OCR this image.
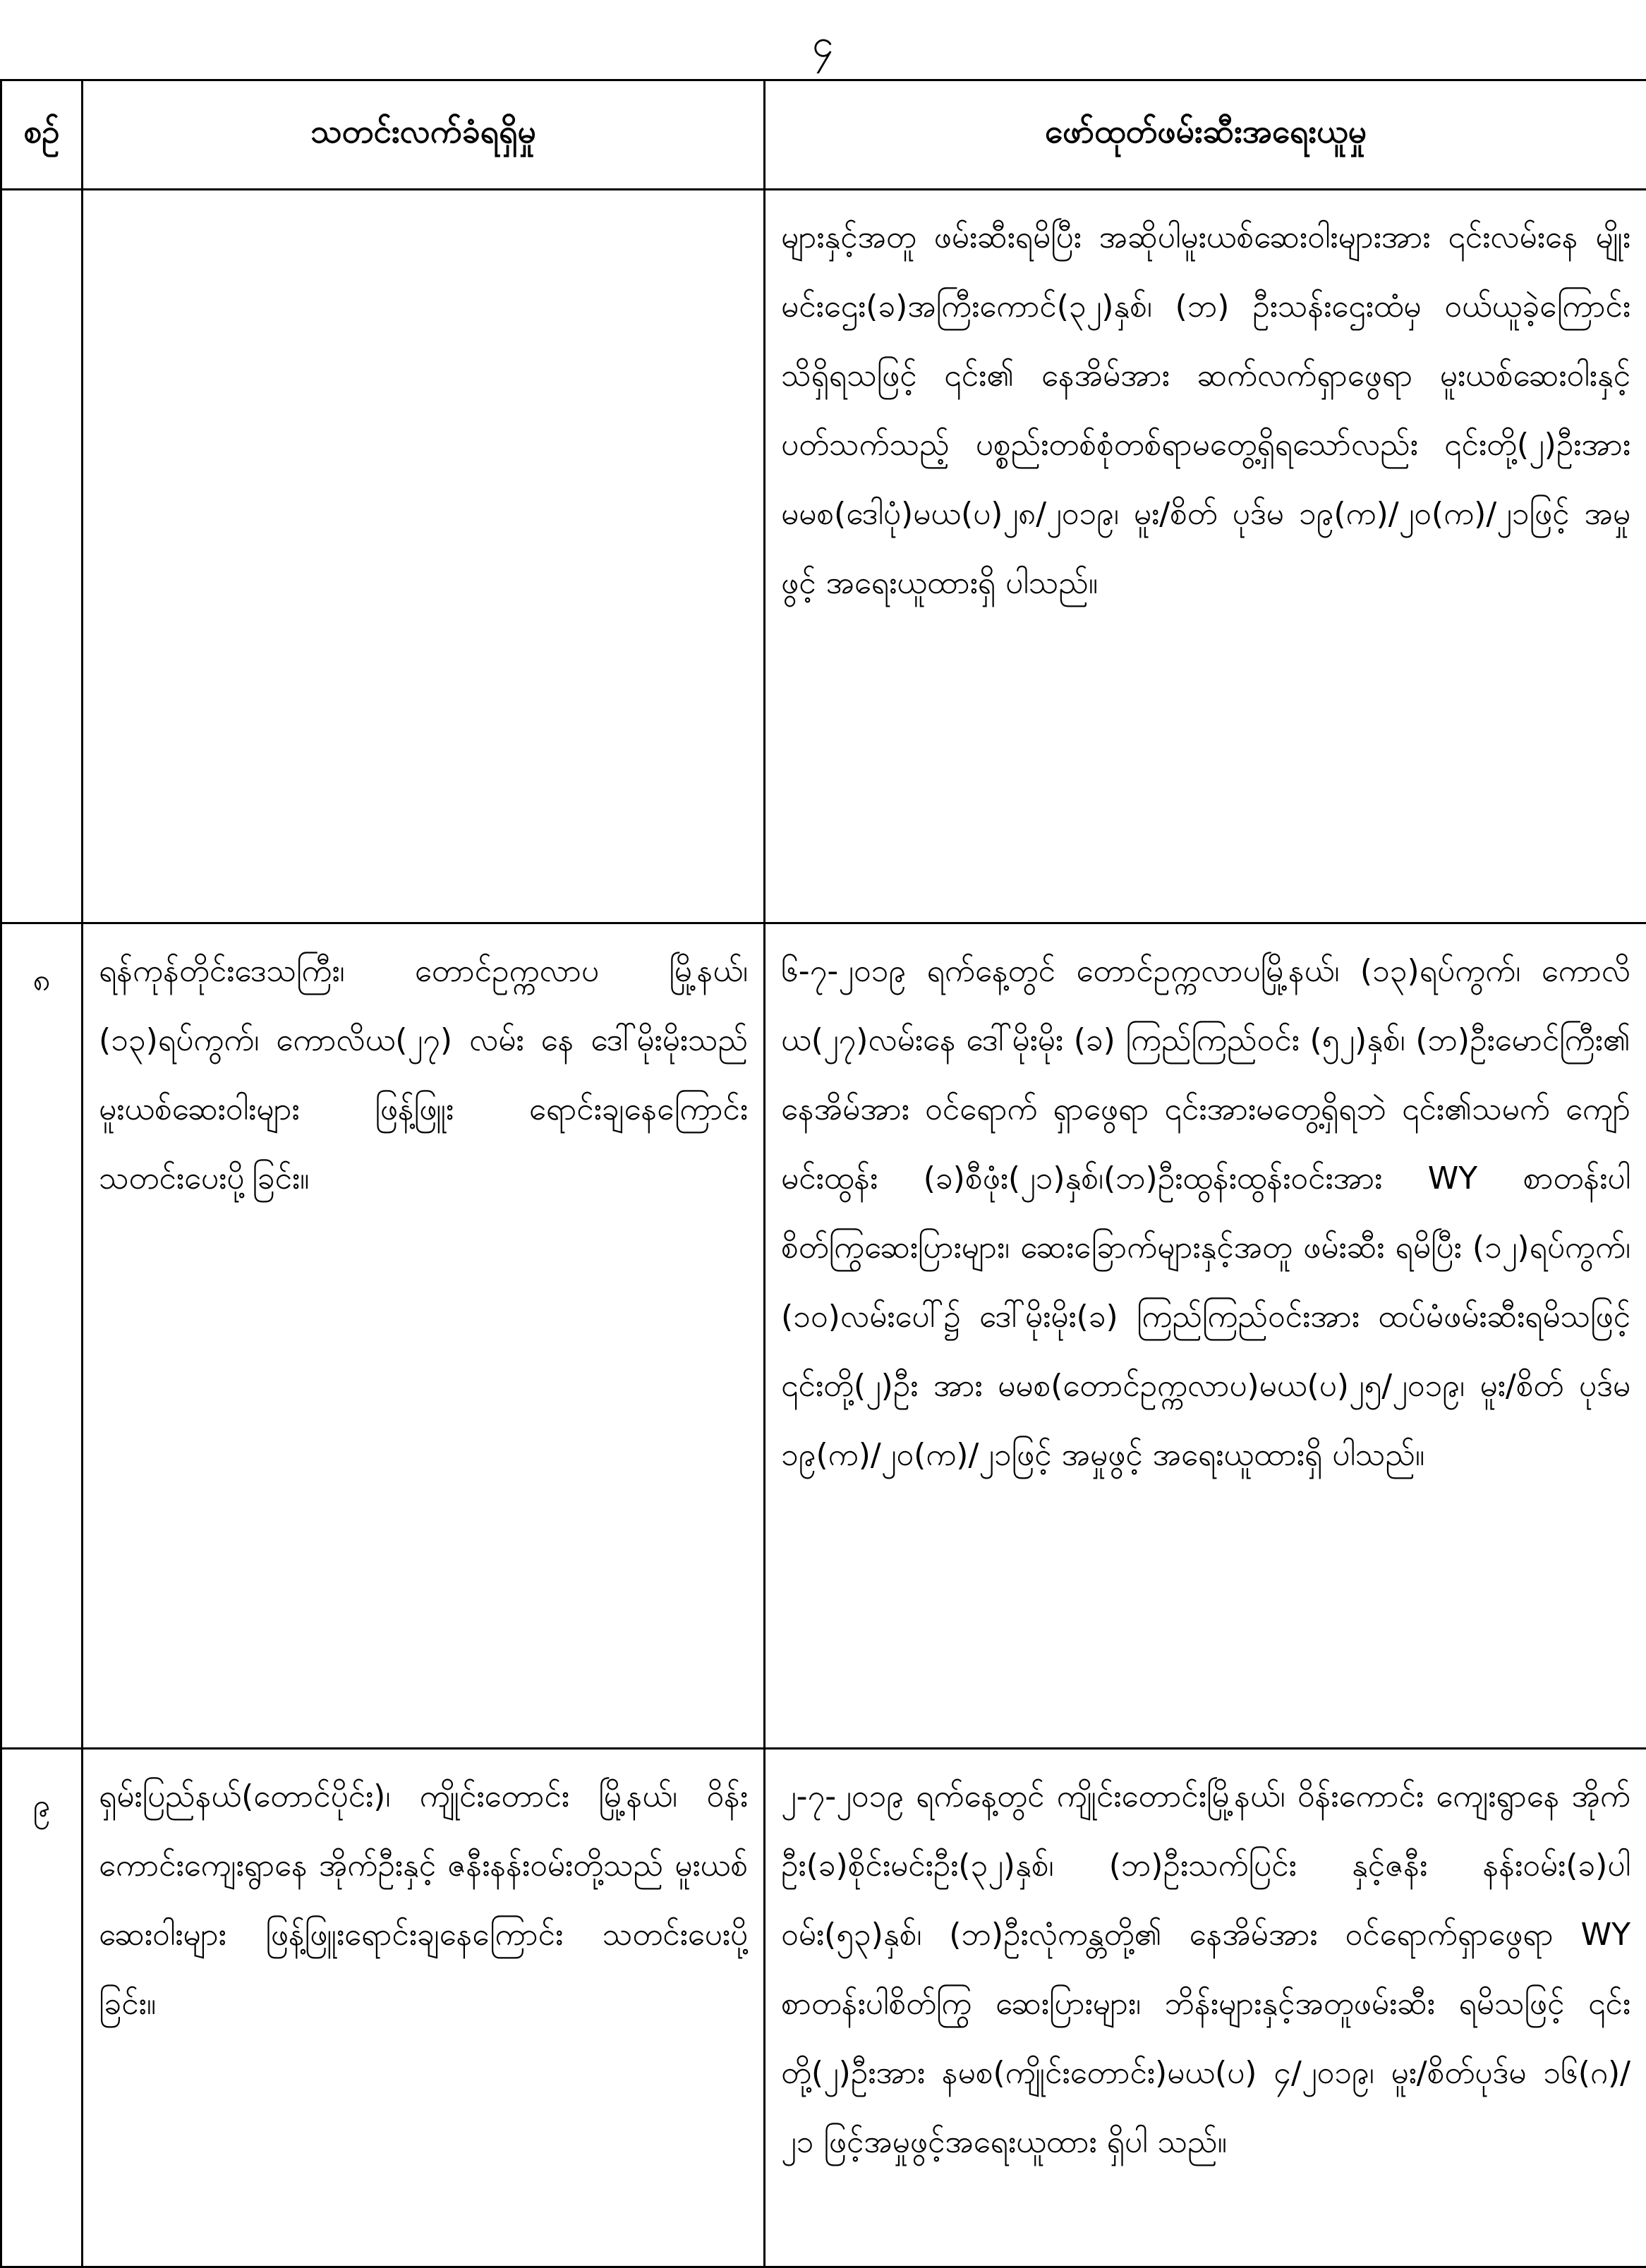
၄
စဉ်	သတင်းလက်ခံရရှိမှု	ဖော်ထုတ်ဖမ်းဆီးအရေးယူမှု
		များနှင့်အတူ ဖမ်းဆီးရမိပြီး အဆိုပါမူးယစ်ဆေးဝါးများအား ၎င်းလမ်းနေ မျိုးမင်းဌေး(ခ)အကြီးကောင်(၃၂)နှစ်၊ (ဘ) ဦးသန်းဌေးထံမှ ဝယ်ယူခဲ့ကြောင်း သိရှိရသဖြင့် ၎င်း၏ နေအိမ်အား ဆက်လက်ရှာဖွေရာ မူးယစ်ဆေးဝါးနှင့် ပတ်သက်သည့် ပစ္စည်းတစ်စုံတစ်ရာမတွေ့ရှိရသော်လည်း ၎င်းတို့(၂)ဦးအားမမစ(ဒေါပုံ)မယ(ပ)၂၈/၂၀၁၉၊ မူး/စိတ် ပုဒ်မ ၁၉(က)/၂၀(က)/၂၁ဖြင့် အမှုဖွင့် အရေးယူထားရှိ ပါသည်။
၈	ရန်ကုန်တိုင်းဒေသကြီး၊ တောင်ဥက္ကလာပ မြို့နယ်၊ (၁၃)ရပ်ကွက်၊ ကောလိယ(၂၇) လမ်း နေ ဒေါ်မိုးမိုးသည် မူးယစ်ဆေးဝါးများ ဖြန့်ဖြူး ရောင်းချနေကြောင်း သတင်းပေးပို့ခြင်း။	၆-၇-၂၀၁၉ ရက်နေ့တွင် တောင်ဥက္ကလာပမြို့နယ်၊ (၁၃)ရပ်ကွက်၊ ကောလိယ(၂၇)လမ်းနေ ဒေါ်မိုးမိုး (ခ) ကြည်ကြည်ဝင်း (၅၂)နှစ်၊ (ဘ)ဦးမောင်ကြီး၏ နေအိမ်အား ဝင်ရောက် ရှာဖွေရာ ၎င်းအားမတွေ့ရှိရဘဲ ၎င်း၏သမက် ကျော်မင်းထွန်း (ခ)စီဖုံး(၂၁)နှစ်၊(ဘ)ဦးထွန်းထွန်းဝင်းအား WY စာတန်းပါ စိတ်ကြွဆေးပြားများ၊ ဆေးခြောက်များနှင့်အတူ ဖမ်းဆီး ရမိပြီး (၁၂)ရပ်ကွက်၊(၁၀)လမ်းပေါ်၌ ဒေါ်မိုးမိုး(ခ) ကြည်ကြည်ဝင်းအား ထပ်မံဖမ်းဆီးရမိသဖြင့် ၎င်းတို့(၂)ဦး အား မမစ(တောင်ဥက္ကလာပ)မယ(ပ)၂၅/၂၀၁၉၊ မူး/စိတ် ပုဒ်မ ၁၉(က)/၂၀(က)/၂၁ဖြင့် အမှုဖွင့် အရေးယူထားရှိ ပါသည်။
၉	ရှမ်းပြည်နယ်(တောင်ပိုင်း)၊ ကျိုင်းတောင်း မြို့နယ်၊ ဝိန်းကောင်းကျေးရွာနေ အိုက်ဦးနှင့် ဇနီးနန်းဝမ်းတို့သည် မူးယစ်ဆေးဝါးများ ဖြန့်ဖြူးရောင်းချနေကြောင်း သတင်းပေးပို့ခြင်း။	၂-၇-၂၀၁၉ ရက်နေ့တွင် ကျိုင်းတောင်းမြို့နယ်၊ ဝိန်းကောင်း ကျေးရွာနေ အိုက်ဦး(ခ)စိုင်းမင်းဦး(၃၂)နှစ်၊ (ဘ)ဦးသက်ပြင်း နှင့်ဇနီး နန်းဝမ်း(ခ)ပါဝမ်း(၅၃)နှစ်၊ (ဘ)ဦးလုံကန္တတို့၏ နေအိမ်အား ဝင်ရောက်ရှာဖွေရာ WY စာတန်းပါစိတ်ကြွ ဆေးပြားများ၊ ဘိန်းများနှင့်အတူဖမ်းဆီး ရမိသဖြင့် ၎င်းတို့(၂)ဦးအား နမစ(ကျိုင်းတောင်း)မယ(ပ) ၄/၂၀၁၉၊ မူး/စိတ်ပုဒ်မ ၁၆(ဂ)/၂၁ ဖြင့်အမှုဖွင့်အရေးယူထား ရှိပါ သည်။
